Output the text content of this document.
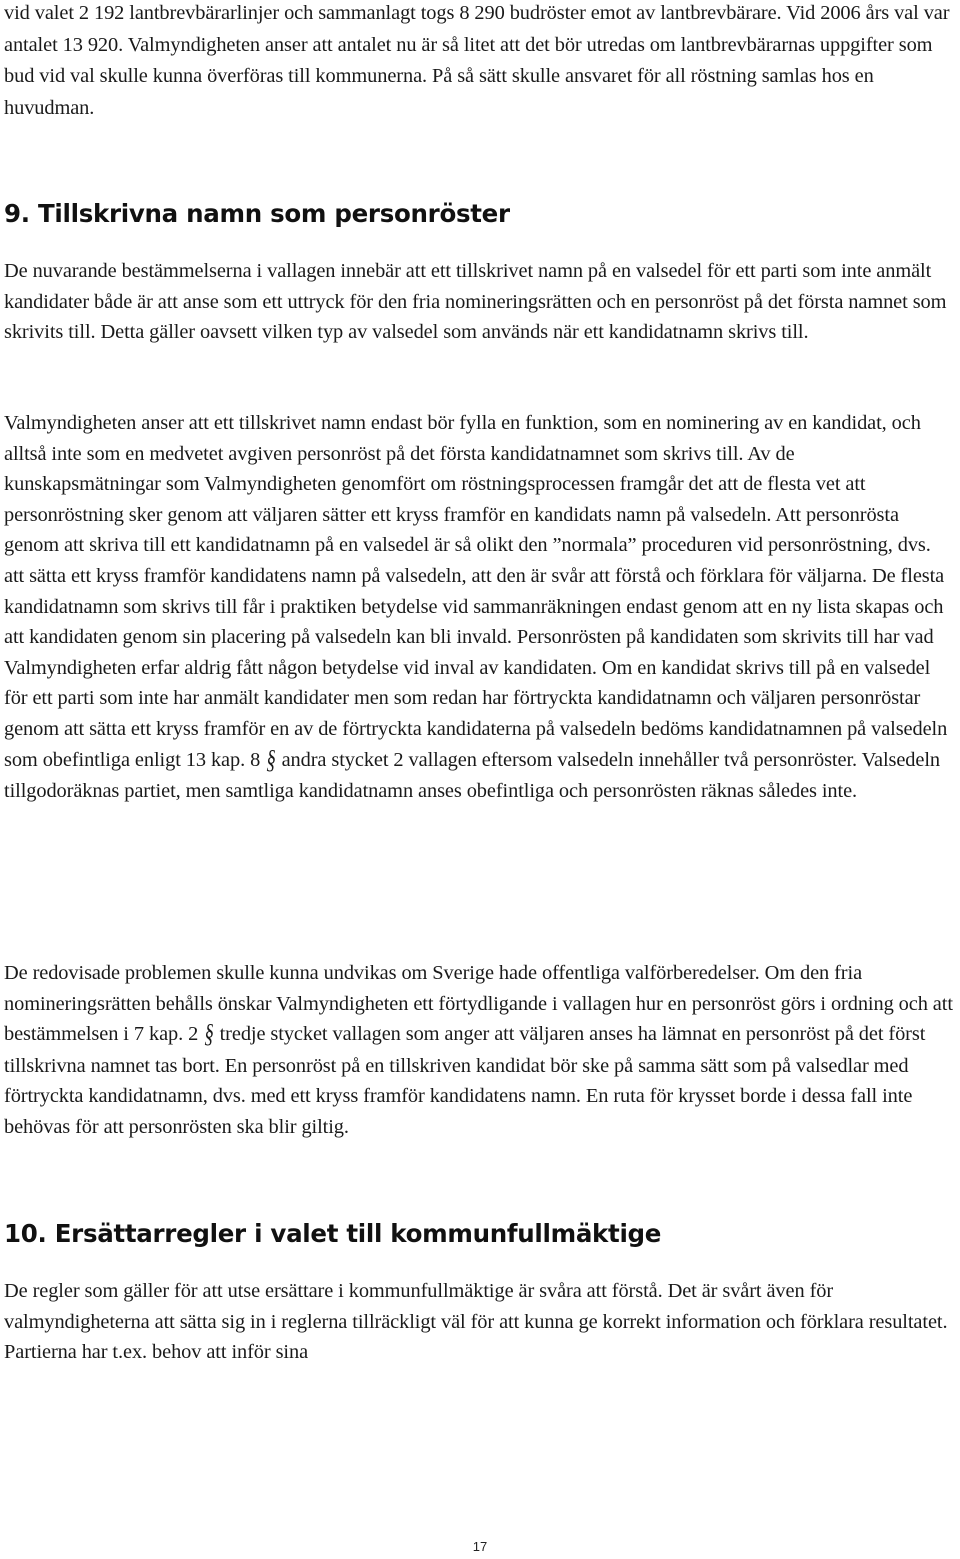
vid valet 2 192 lantbrevbärarlinjer och sammanlagt togs 8 290 budröster emot av lantbrevbärare. Vid 2006 års val var antalet 13 920. Valmyndigheten anser att antalet nu är så litet att det bör utredas om lantbrevbärarnas uppgifter som bud vid val skulle kunna överföras till kommunerna. På så sätt skulle ansvaret för all röstning samlas hos en huvudman.

9. Tillskrivna namn som personröster

De nuvarande bestämmelserna i vallagen innebär att ett tillskrivet namn på en valsedel för ett parti som inte anmält kandidater både är att anse som ett uttryck för den fria nomineringsrätten och en personröst på det första namnet som skrivits till. Detta gäller oavsett vilken typ av valsedel som används när ett kandidatnamn skrivs till.

Valmyndigheten anser att ett tillskrivet namn endast bör fylla en funktion, som en nominering av en kandidat, och alltså inte som en medvetet avgiven personröst på det första kandidatnamnet som skrivs till. Av de kunskapsmätningar som Valmyndigheten genomfört om röstningsprocessen framgår det att de flesta vet att personröstning sker genom att väljaren sätter ett kryss framför en kandidats namn på valsedeln. Att personrösta genom att skriva till ett kandidatnamn på en valsedel är så olikt den ”normala” proceduren vid personröstning, dvs. att sätta ett kryss framför kandidatens namn på valsedeln, att den är svår att förstå och förklara för väljarna. De flesta kandidatnamn som skrivs till får i praktiken betydelse vid sammanräkningen endast genom att en ny lista skapas och att kandidaten genom sin placering på valsedeln kan bli invald. Personrösten på kandidaten som skrivits till har vad Valmyndigheten erfar aldrig fått någon betydelse vid inval av kandidaten. Om en kandidat skrivs till på en valsedel för ett parti som inte har anmält kandidater men som redan har förtryckta kandidatnamn och väljaren personröstar genom att sätta ett kryss framför en av de förtryckta kandidaterna på valsedeln bedöms kandidatnamnen på valsedeln som obefintliga enligt 13 kap. 8 § andra stycket 2 vallagen eftersom valsedeln innehåller två personröster. Valsedeln tillgodoräknas partiet, men samtliga kandidatnamn anses obefintliga och personrösten räknas således inte.

De redovisade problemen skulle kunna undvikas om Sverige hade offentliga valförberedelser. Om den fria nomineringsrätten behålls önskar Valmyndigheten ett förtydligande i vallagen hur en personröst görs i ordning och att bestämmelsen i 7 kap. 2 § tredje stycket vallagen som anger att väljaren anses ha lämnat en personröst på det först tillskrivna namnet tas bort. En personröst på en tillskriven kandidat bör ske på samma sätt som på valsedlar med förtryckta kandidatnamn, dvs. med ett kryss framför kandidatens namn. En ruta för krysset borde i dessa fall inte behövas för att personrösten ska blir giltig.

10. Ersättarregler i valet till kommunfullmäktige

De regler som gäller för att utse ersättare i kommunfullmäktige är svåra att förstå. Det är svårt även för valmyndigheterna att sätta sig in i reglerna tillräckligt väl för att kunna ge korrekt information och förklara resultatet. Partierna har t.ex. behov att inför sina

17
